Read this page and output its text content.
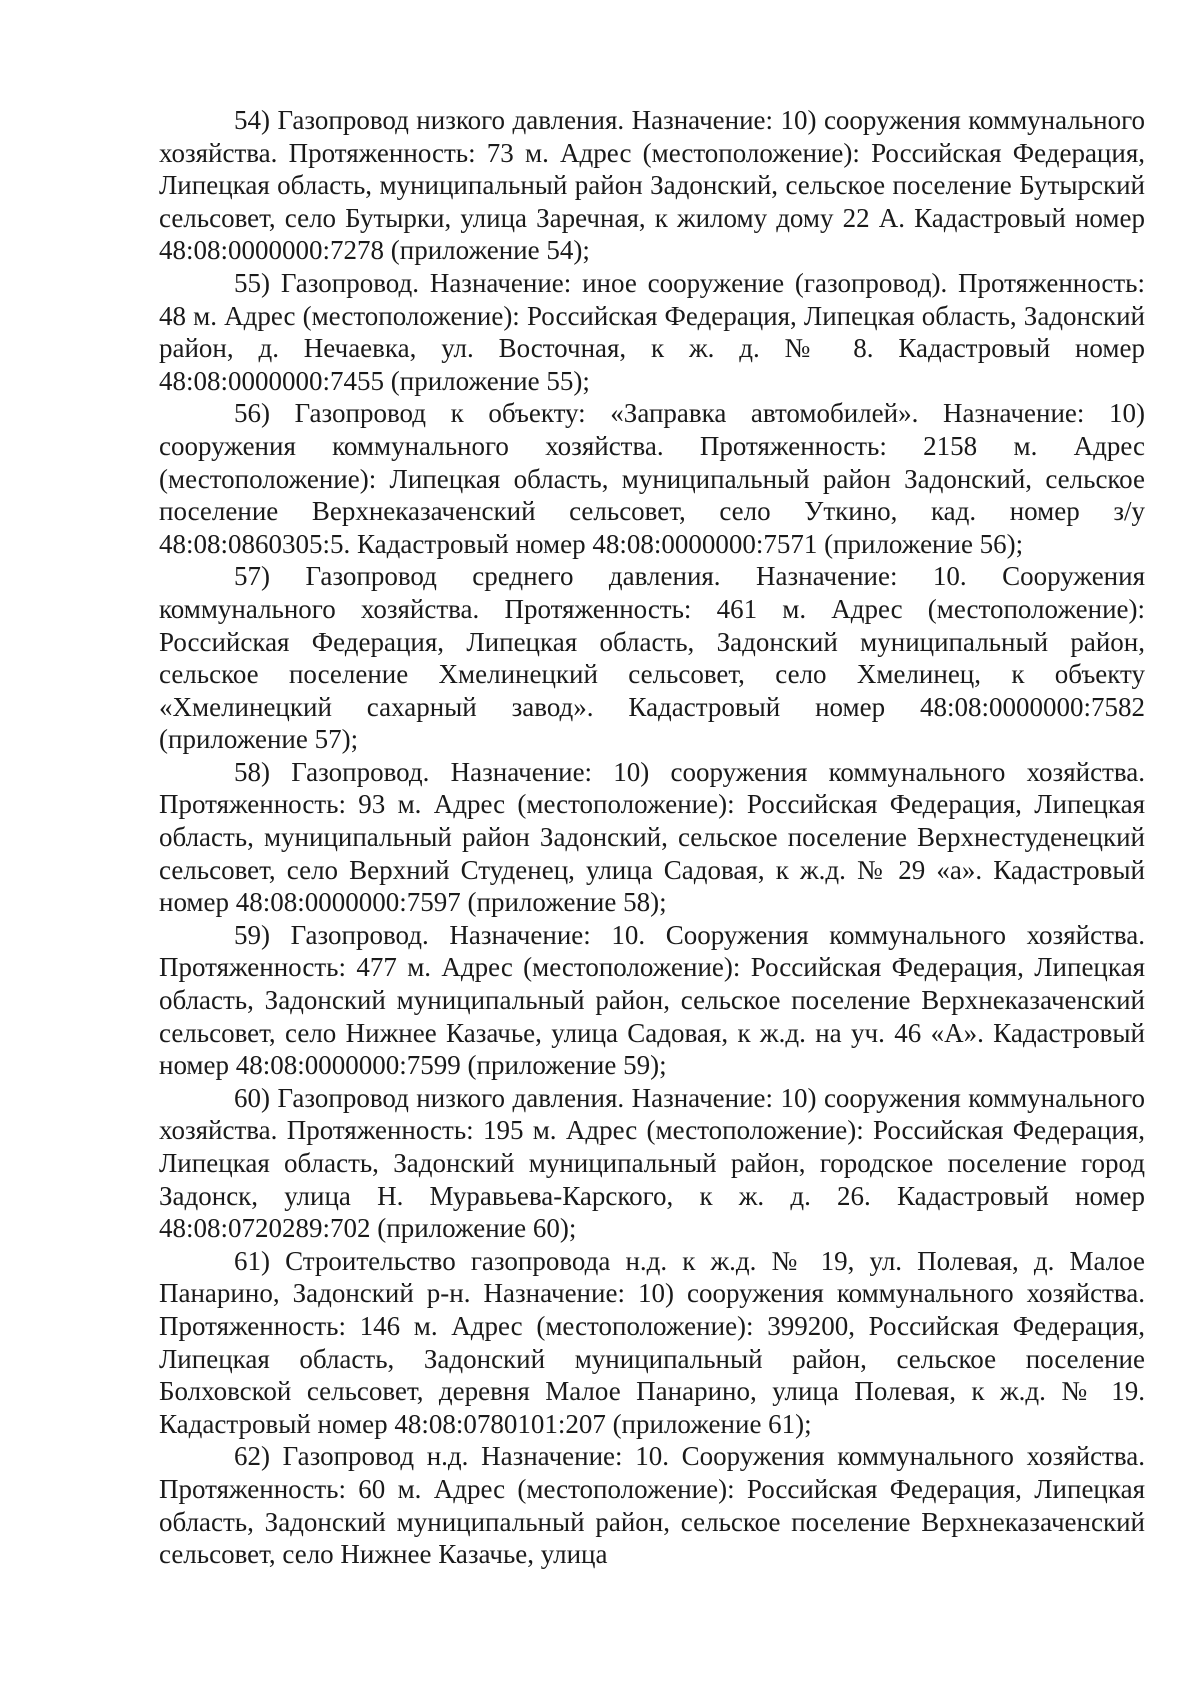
54) Газопровод низкого давления. Назначение: 10) сооружения коммунального хозяйства. Протяженность: 73 м. Адрес (местоположение): Российская Федерация, Липецкая область, муниципальный район Задонский, сельское поселение Бутырский сельсовет, село Бутырки, улица Заречная, к жилому дому 22 А. Кадастровый номер 48:08:0000000:7278 (приложение 54);

55) Газопровод. Назначение: иное сооружение (газопровод). Протяженность: 48 м. Адрес (местоположение): Российская Федерация, Липецкая область, Задонский район, д. Нечаевка, ул. Восточная, к ж. д. № 8. Кадастровый номер 48:08:0000000:7455 (приложение 55);

56) Газопровод к объекту: «Заправка автомобилей». Назначение: 10) сооружения коммунального хозяйства. Протяженность: 2158 м. Адрес (местоположение): Липецкая область, муниципальный район Задонский, сельское поселение Верхнеказаченский сельсовет, село Уткино, кад. номер з/у 48:08:0860305:5. Кадастровый номер 48:08:0000000:7571 (приложение 56);

57) Газопровод среднего давления. Назначение: 10. Сооружения коммунального хозяйства. Протяженность: 461 м. Адрес (местоположение): Российская Федерация, Липецкая область, Задонский муниципальный район, сельское поселение Хмелинецкий сельсовет, село Хмелинец, к объекту «Хмелинецкий сахарный завод». Кадастровый номер 48:08:0000000:7582 (приложение 57);

58) Газопровод. Назначение: 10) сооружения коммунального хозяйства. Протяженность: 93 м. Адрес (местоположение): Российская Федерация, Липецкая область, муниципальный район Задонский, сельское поселение Верхнестуденецкий сельсовет, село Верхний Студенец, улица Садовая, к ж.д. № 29 «а». Кадастровый номер 48:08:0000000:7597 (приложение 58);

59) Газопровод. Назначение: 10. Сооружения коммунального хозяйства. Протяженность: 477 м. Адрес (местоположение): Российская Федерация, Липецкая область, Задонский муниципальный район, сельское поселение Верхнеказаченский сельсовет, село Нижнее Казачье, улица Садовая, к ж.д. на уч. 46 «А». Кадастровый номер 48:08:0000000:7599 (приложение 59);

60) Газопровод низкого давления. Назначение: 10) сооружения коммунального хозяйства. Протяженность: 195 м. Адрес (местоположение): Российская Федерация, Липецкая область, Задонский муниципальный район, городское поселение город Задонск, улица Н. Муравьева-Карского, к ж. д. 26. Кадастровый номер 48:08:0720289:702 (приложение 60);

61) Строительство газопровода н.д. к ж.д. № 19, ул. Полевая, д. Малое Панарино, Задонский р-н. Назначение: 10) сооружения коммунального хозяйства. Протяженность: 146 м. Адрес (местоположение): 399200, Российская Федерация, Липецкая область, Задонский муниципальный район, сельское поселение Болховской сельсовет, деревня Малое Панарино, улица Полевая, к ж.д. № 19. Кадастровый номер 48:08:0780101:207 (приложение 61);

62) Газопровод н.д. Назначение: 10. Сооружения коммунального хозяйства. Протяженность: 60 м. Адрес (местоположение): Российская Федерация, Липецкая область, Задонский муниципальный район, сельское поселение Верхнеказаченский сельсовет, село Нижнее Казачье, улица
